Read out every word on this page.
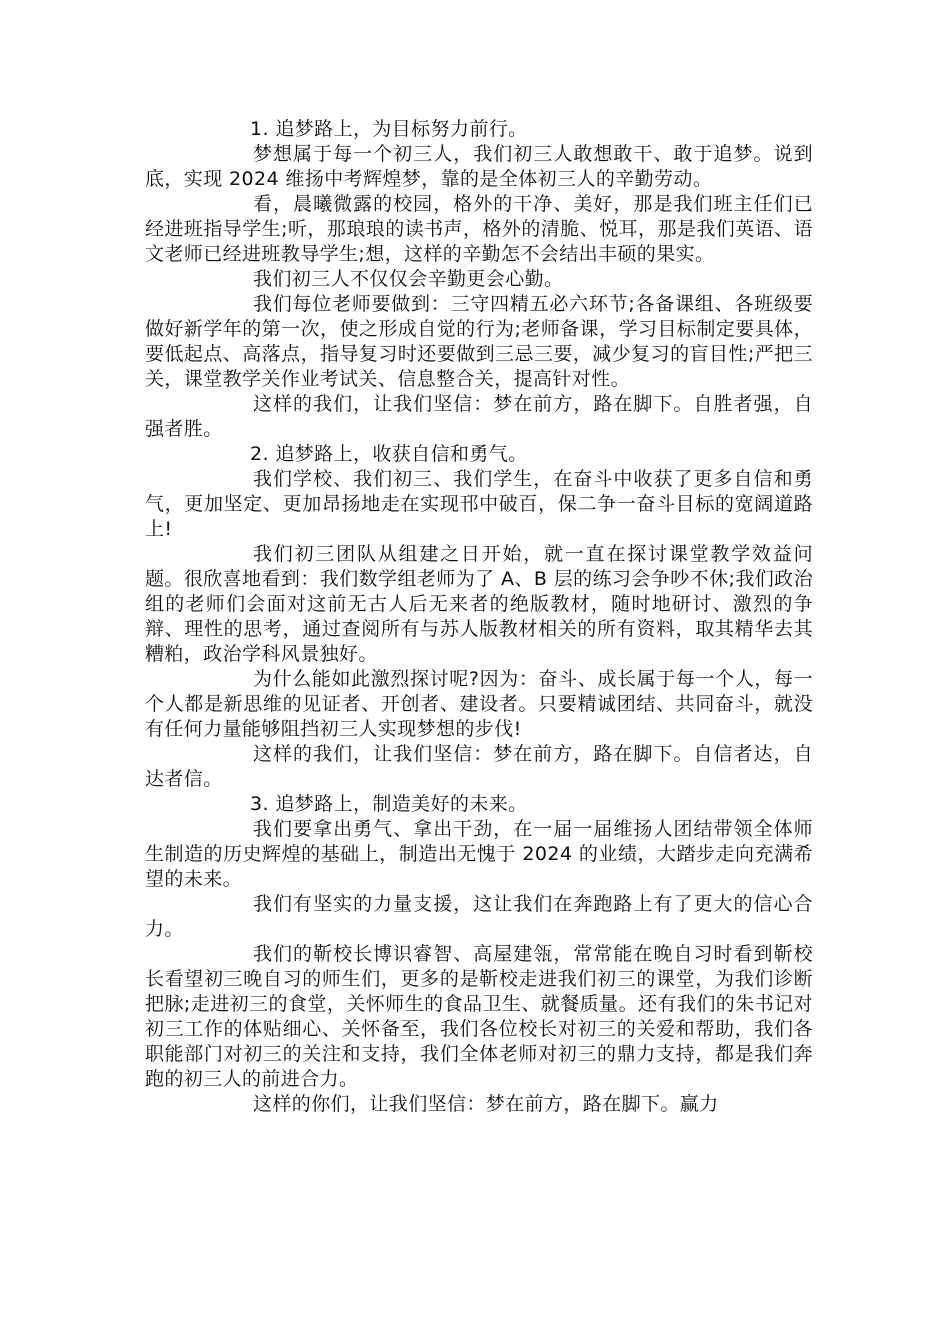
1. 追梦路上，为目标努力前行。

梦想属于每一个初三人，我们初三人敢想敢干、敢于追梦。说到底，实现 2024 维扬中考辉煌梦，靠的是全体初三人的辛勤劳动。

看，晨曦微露的校园，格外的干净、美好，那是我们班主任们已经进班指导学生;听，那琅琅的读书声，格外的清脆、悦耳，那是我们英语、语文老师已经进班教导学生;想，这样的辛勤怎不会结出丰硕的果实。

我们初三人不仅仅会辛勤更会心勤。

我们每位老师要做到：三守四精五必六环节;各备课组、各班级要做好新学年的第一次，使之形成自觉的行为;老师备课，学习目标制定要具体，要低起点、高落点，指导复习时还要做到三忌三要，减少复习的盲目性;严把三关，课堂教学关作业考试关、信息整合关，提高针对性。

这样的我们，让我们坚信：梦在前方，路在脚下。自胜者强，自强者胜。

2. 追梦路上，收获自信和勇气。

我们学校、我们初三、我们学生，在奋斗中收获了更多自信和勇气，更加坚定、更加昂扬地走在实现邗中破百，保二争一奋斗目标的宽阔道路上!

我们初三团队从组建之日开始，就一直在探讨课堂教学效益问题。很欣喜地看到：我们数学组老师为了 A、B 层的练习会争吵不休;我们政治组的老师们会面对这前无古人后无来者的绝版教材，随时地研讨、激烈的争辩、理性的思考，通过查阅所有与苏人版教材相关的所有资料，取其精华去其糟粕，政治学科风景独好。

为什么能如此激烈探讨呢?因为：奋斗、成长属于每一个人，每一个人都是新思维的见证者、开创者、建设者。只要精诚团结、共同奋斗，就没有任何力量能够阻挡初三人实现梦想的步伐!

这样的我们，让我们坚信：梦在前方，路在脚下。自信者达，自达者信。

3. 追梦路上，制造美好的未来。

我们要拿出勇气、拿出干劲，在一届一届维扬人团结带领全体师生制造的历史辉煌的基础上，制造出无愧于 2024 的业绩，大踏步走向充满希望的未来。

我们有坚实的力量支援，这让我们在奔跑路上有了更大的信心合力。

我们的靳校长博识睿智、高屋建瓴，常常能在晚自习时看到靳校长看望初三晚自习的师生们，更多的是靳校走进我们初三的课堂，为我们诊断把脉;走进初三的食堂，关怀师生的食品卫生、就餐质量。还有我们的朱书记对初三工作的体贴细心、关怀备至，我们各位校长对初三的关爱和帮助，我们各职能部门对初三的关注和支持，我们全体老师对初三的鼎力支持，都是我们奔跑的初三人的前进合力。

这样的你们，让我们坚信：梦在前方，路在脚下。赢力
